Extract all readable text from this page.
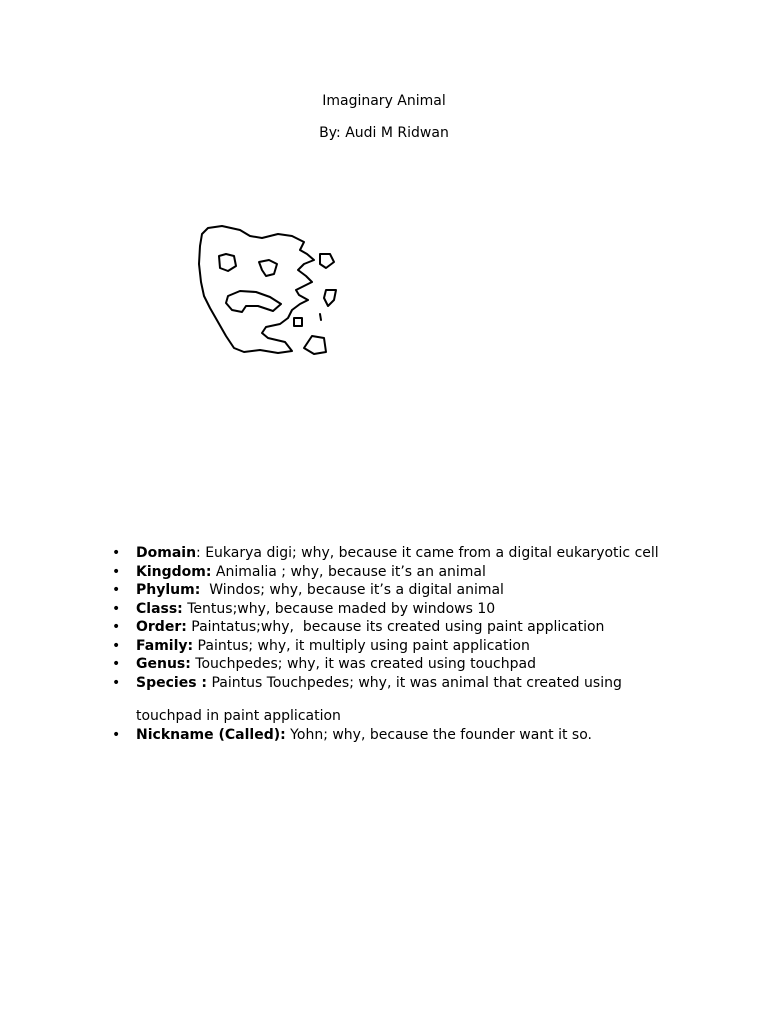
Imaginary Animal
By: Audi M Ridwan
• Domain: Eukarya digi; why, because it came from a digital eukaryotic cell
• Kingdom: Animalia ; why, because it’s an animal
• Phylum:  Windos; why, because it’s a digital animal
• Class: Tentus;why, because maded by windows 10
• Order: Paintatus;why,  because its created using paint application
• Family: Paintus; why, it multiply using paint application
• Genus: Touchpedes; why, it was created using touchpad
• Species : Paintus Touchpedes; why, it was animal that created using
touchpad in paint application
• Nickname (Called): Yohn; why, because the founder want it so.
